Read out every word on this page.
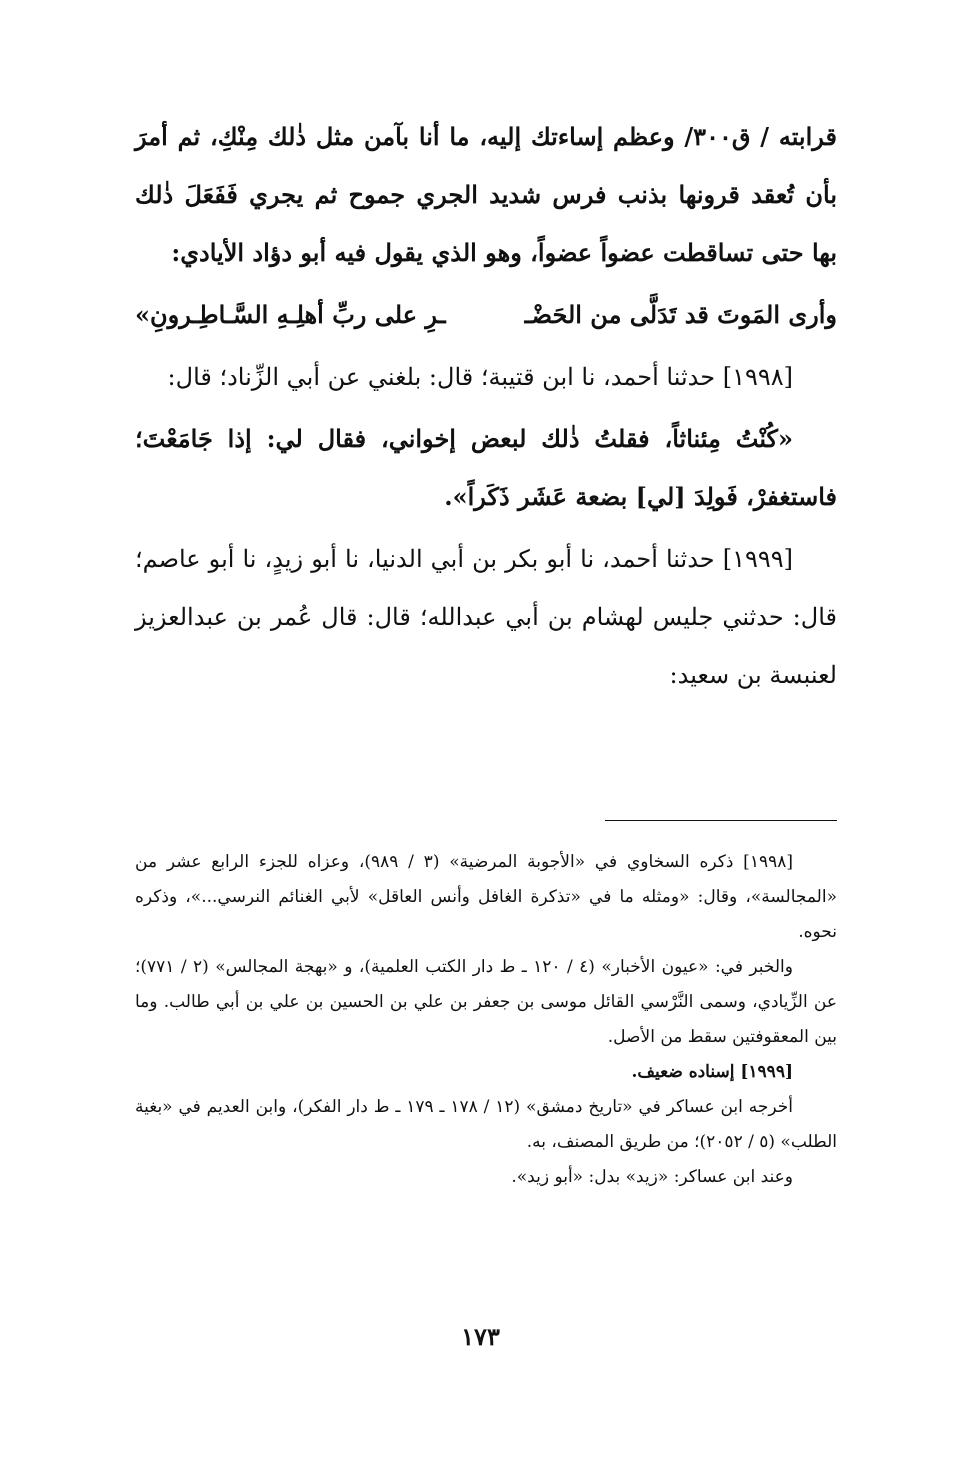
قرابته / ق٣٠٠/ وعظم إساءتك إليه، ما أنا بآمن مثل ذٰلك مِنْكِ، ثم أمرَ بأن تُعقد قرونها بذنب فرس شديد الجري جموح ثم يجري فَفَعَلَ ذٰلك بها حتى تساقطت عضواً عضواً، وهو الذي يقول فيه أبو دؤاد الأيادي:

وأرى المَوتَ قد تَدَلَّى من الحَضْـ
ـرِ على ربِّ أهلِـهِ السَّـاطِـرونِ»

[١٩٩٨] حدثنا أحمد، نا ابن قتيبة؛ قال: بلغني عن أبي الزِّناد؛ قال:

«كُنْتُ مِئناثاً، فقلتُ ذٰلك لبعض إخواني، فقال لي: إذا جَامَعْتَ؛ فاستغفرْ، فَولِدَ [لي] بضعة عَشَر ذَكَراً».

[١٩٩٩] حدثنا أحمد، نا أبو بكر بن أبي الدنيا، نا أبو زيدٍ، نا أبو عاصم؛ قال: حدثني جليس لهشام بن أبي عبدالله؛ قال: قال عُمر بن عبدالعزيز لعنبسة بن سعيد:

[١٩٩٨] ذكره السخاوي في «الأجوبة المرضية» (٣ / ٩٨٩)، وعزاه للجزء الرابع عشر من «المجالسة»، وقال: «ومثله ما في «تذكرة الغافل وأنس العاقل» لأبي الغنائم النرسي...»، وذكره نحوه.

والخبر في: «عيون الأخبار» (٤ / ١٢٠ ـ ط دار الكتب العلمية)، و «بهجة المجالس» (٢ / ٧٧١)؛ عن الزِّيادي، وسمى النَّرْسي القائل موسى بن جعفر بن علي بن الحسين بن علي بن أبي طالب. وما بين المعقوفتين سقط من الأصل.

[١٩٩٩] إسناده ضعيف.

أخرجه ابن عساكر في «تاريخ دمشق» (١٢ / ١٧٨ ـ ١٧٩ ـ ط دار الفكر)، وابن العديم في «بغية الطلب» (٥ / ٢٠٥٢)؛ من طريق المصنف، به.

وعند ابن عساكر: «زيد» بدل: «أبو زيد».

١٧٣
